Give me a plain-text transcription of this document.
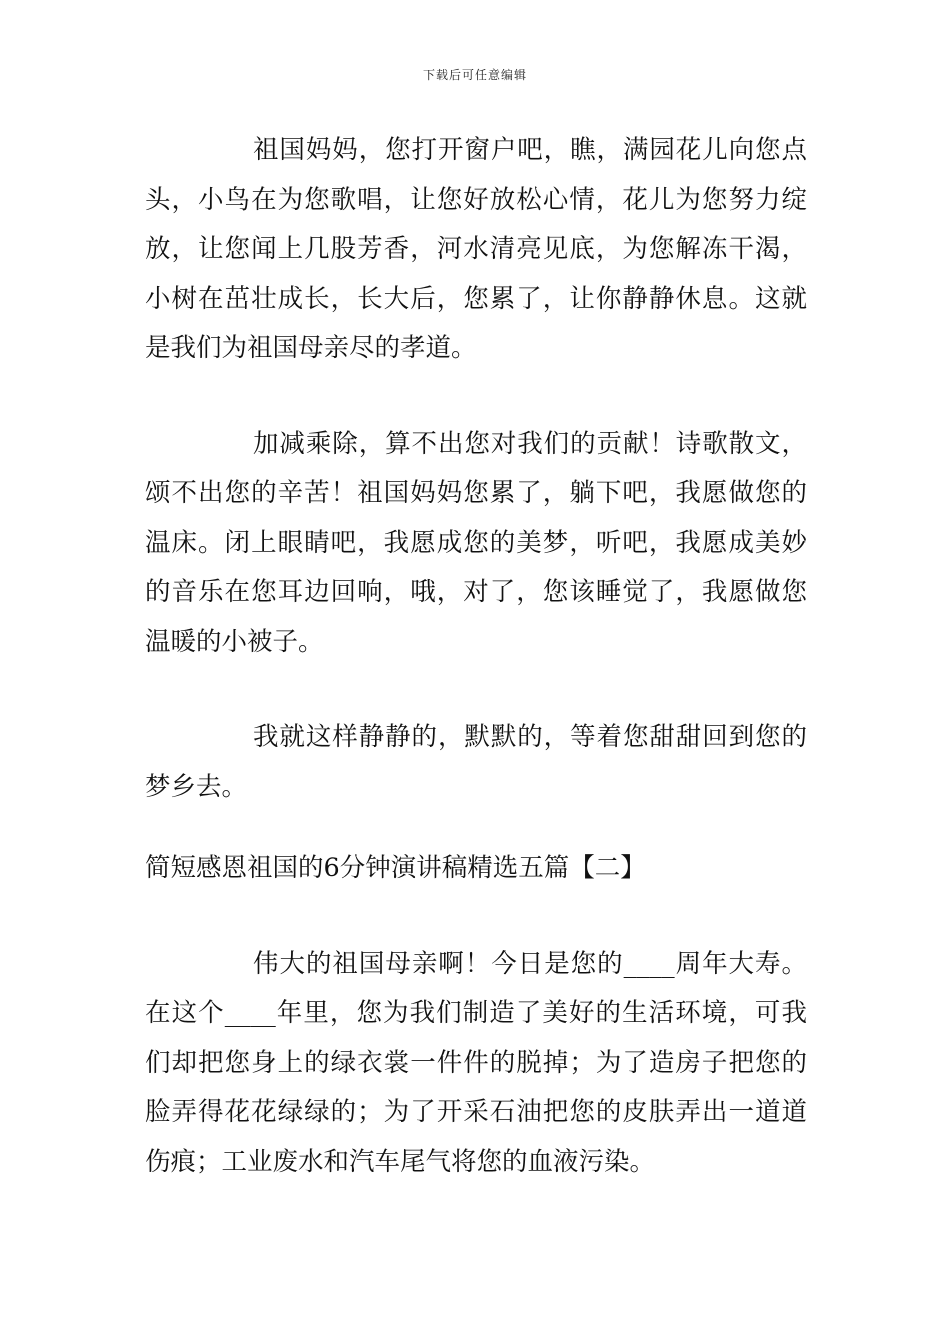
下载后可任意编辑

祖国妈妈，您打开窗户吧，瞧，满园花儿向您点头，小鸟在为您歌唱，让您好放松心情，花儿为您努力绽放，让您闻上几股芳香，河水清亮见底，为您解冻干渴，小树在茁壮成长，长大后，您累了，让你静静休息。这就是我们为祖国母亲尽的孝道。

加减乘除，算不出您对我们的贡献！诗歌散文，颂不出您的辛苦！祖国妈妈您累了，躺下吧，我愿做您的温床。闭上眼睛吧，我愿成您的美梦，听吧，我愿成美妙的音乐在您耳边回响，哦，对了，您该睡觉了，我愿做您温暖的小被子。

我就这样静静的，默默的，等着您甜甜回到您的梦乡去。

简短感恩祖国的6分钟演讲稿精选五篇【二】

伟大的祖国母亲啊！今日是您的____周年大寿。在这个____年里，您为我们制造了美好的生活环境，可我们却把您身上的绿衣裳一件件的脱掉；为了造房子把您的脸弄得花花绿绿的；为了开采石油把您的皮肤弄出一道道伤痕；工业废水和汽车尾气将您的血液污染。
